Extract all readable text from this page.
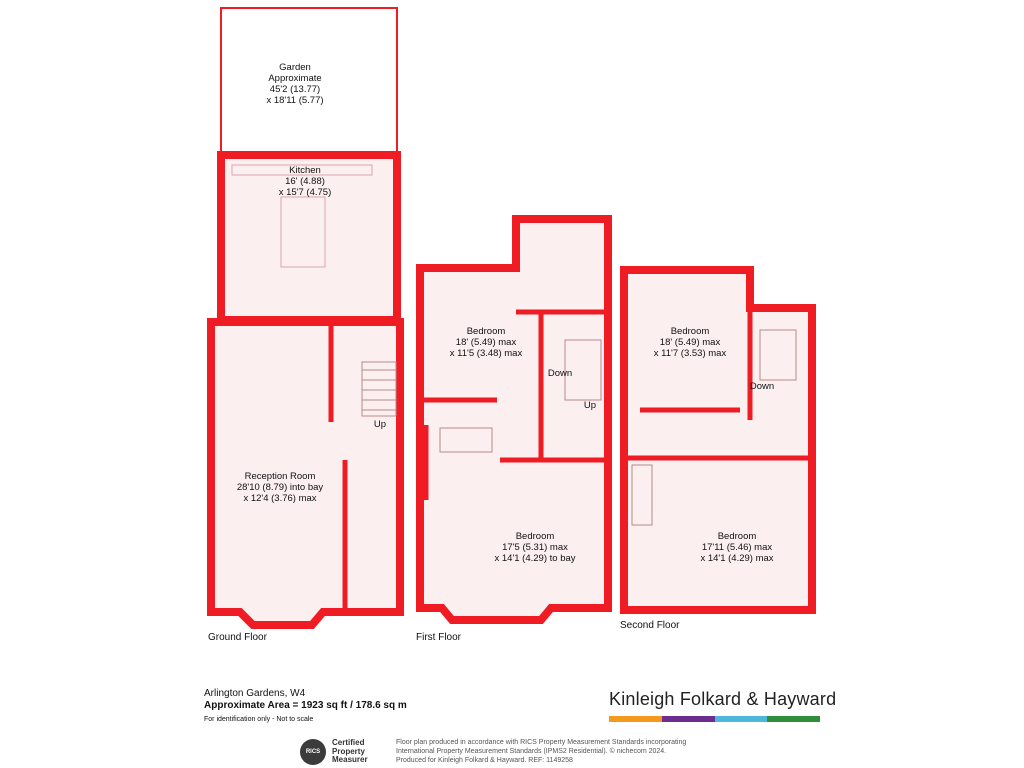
Garden
Approximate
45'2 (13.77)
x 18'11 (5.77)
Kitchen
16' (4.88)
x 15'7 (4.75)
Reception Room
28'10 (8.79) into bay
x 12'4 (3.76) max
Bedroom
18' (5.49) max
x 11'5 (3.48) max
Bedroom
17'5 (5.31) max
x 14'1 (4.29) to bay
Bedroom
18' (5.49) max
x 11'7 (3.53) max
Bedroom
17'11 (5.46) max
x 14'1 (4.29) max
Up
Down
Up
Down
Ground Floor	First Floor
Second Floor
Arlington Gardens, W4
Approximate Area = 1923 sq ft / 178.6 sq m
For identification only - Not to scale
Kinleigh Folkard & Hayward
RICS
Certified
Property
Measurer
Floor plan produced in accordance with RICS Property Measurement Standards incorporating
International Property Measurement Standards (IPMS2 Residential). © nichecom 2024.
Produced for Kinleigh Folkard & Hayward. REF: 1149258
